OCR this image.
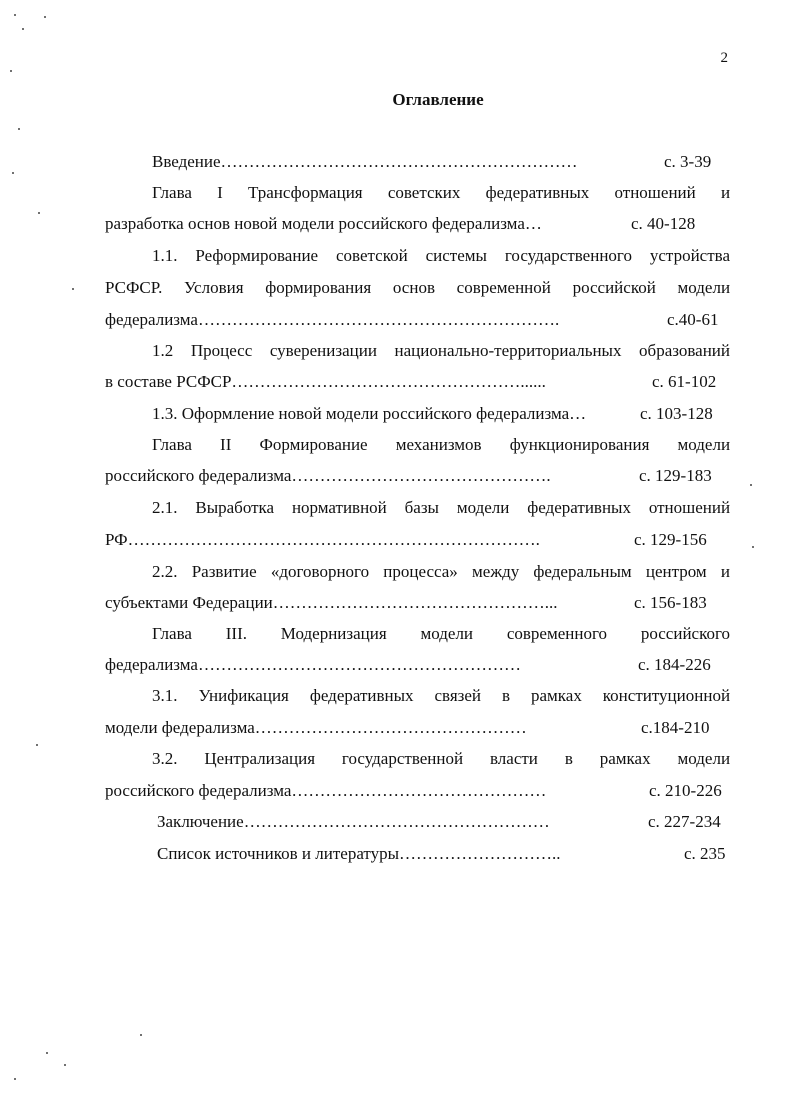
2
Оглавление
Введение………………………………………………………	с. 3-39
Глава I Трансформация советских федеративных отношений и
разработка основ новой модели российского федерализма…	с. 40-128
1.1. Реформирование советской системы государственного устройства
РСФСР. Условия формирования основ современной российской модели
федерализма……………………………………………………….	с.40-61
1.2 Процесс суверенизации национально-территориальных образований
в составе РСФСР……………………………………………......	с. 61-102
1.3. Оформление новой модели российского федерализма…	с. 103-128
Глава II Формирование механизмов функционирования модели
российского федерализма……………………………………….	с. 129-183
2.1. Выработка нормативной базы модели федеративных отношений
РФ……………………………………………………………….	с. 129-156
2.2. Развитие «договорного процесса» между федеральным центром и
субъектами Федерации…………………………………………...	с. 156-183
Глава III. Модернизация модели современного российского
федерализма…………………………………………………	с. 184-226
3.1. Унификация федеративных связей в рамках конституционной
модели федерализма…………………………………………	с.184-210
3.2. Централизация государственной власти в рамках модели
российского федерализма………………………………………	с. 210-226
Заключение………………………………………………	с. 227-234
Список источников и литературы………………………..	с. 235
